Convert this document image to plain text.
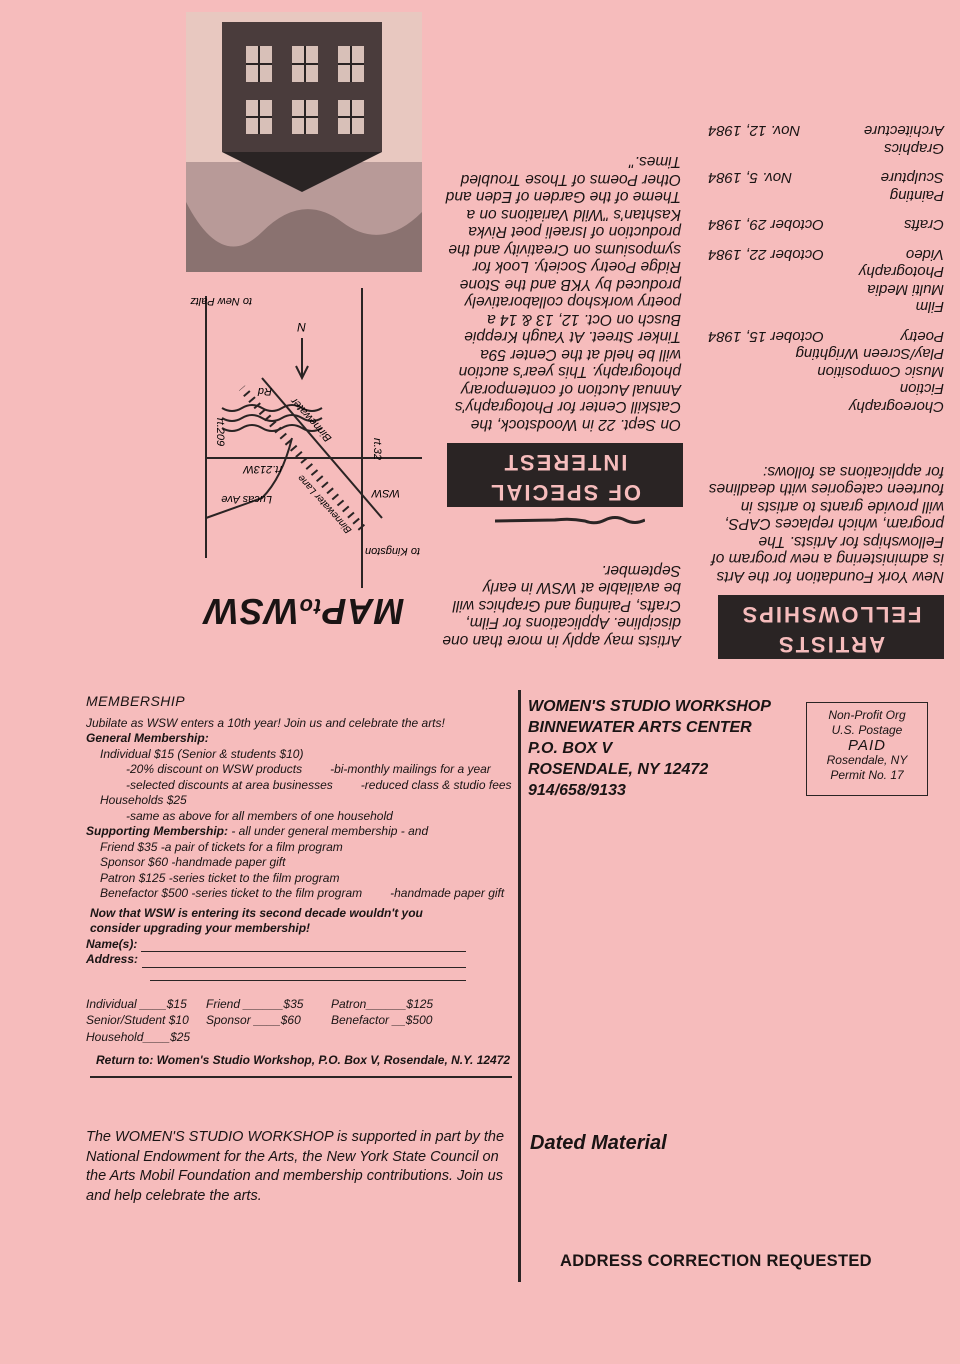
ARTISTS
FELLOWSHIPS
New York Foundation for the Arts is administering a new program of Fellowships for Artists. The program, which replaces CAPS, will provide grants to artists in fourteen categories with deadlines for applications as follows:
Choreography
Fiction
Music Composition
Play/Screen Wrighting
Poetry
October 15, 1984
Film
Multi Media
Photography
Video
October 22, 1984
Crafts
October 29, 1984
Painting
Sculpture
Nov. 5, 1984
Graphics
Architecture
Nov. 12, 1984
Artists may apply in more than one discipline. Applications for Film, Crafts, Painting and Graphics will be available at WSW in early September.
OF SPECIAL
INTEREST
On Sept. 22 in Woodstock, the Catskill Center for Photography's Annual Auction of contemporary photography. This year's auction will be held at the Center 59a Tinker Street. At Yaugh Kreppie Busch on Oct. 12, 13 & 14 a poetry workshop collaboratively produced by YKB and the Stone Ridge Poetry Society. Look for symposiums on Creativity and the production of Israeli poet Rivka Kashtan's "Wild Variations on a Theme of the Garden of Eden and Other Poems of Those Troubled Times."
MAPtoWSW
rt.209
Lucas Ave
to Kingston
Binnewater
Rd
Binnewater Lane WSW
rt.213W
rt.32
N
to New Paltz
MEMBERSHIP
Jubilate as WSW enters a 10th year! Join us and celebrate the arts!
General Membership:
Individual $15 (Senior & students $10)
-20% discount on WSW products -bi-monthly mailings for a year
-selected discounts at area businesses -reduced class & studio fees
Households $25
-same as above for all members of one household
Supporting Membership: - all under general membership - and
Friend $35 -a pair of tickets for a film program
Sponsor $60 -handmade paper gift
Patron $125 -series ticket to the film program
Benefactor $500 -series ticket to the film program -handmade paper gift
Now that WSW is entering its second decade wouldn't you consider upgrading your membership!
Name(s):
Address:
Individual ____$15	Friend ______$35	Patron______$125
Senior/Student $10	Sponsor ____$60	Benefactor __$500
Household____$25
Return to: Women's Studio Workshop, P.O. Box V, Rosendale, N.Y. 12472
The WOMEN'S STUDIO WORKSHOP is supported in part by the National Endowment for the Arts, the New York State Council on the Arts Mobil Foundation and membership contributions. Join us and help celebrate the arts.
WOMEN'S STUDIO WORKSHOP
BINNEWATER ARTS CENTER
P.O. BOX V
ROSENDALE, NY 12472
914/658/9133
Non-Profit Org
U.S. Postage
PAID
Rosendale, NY
Permit No. 17
Dated Material
ADDRESS CORRECTION REQUESTED
